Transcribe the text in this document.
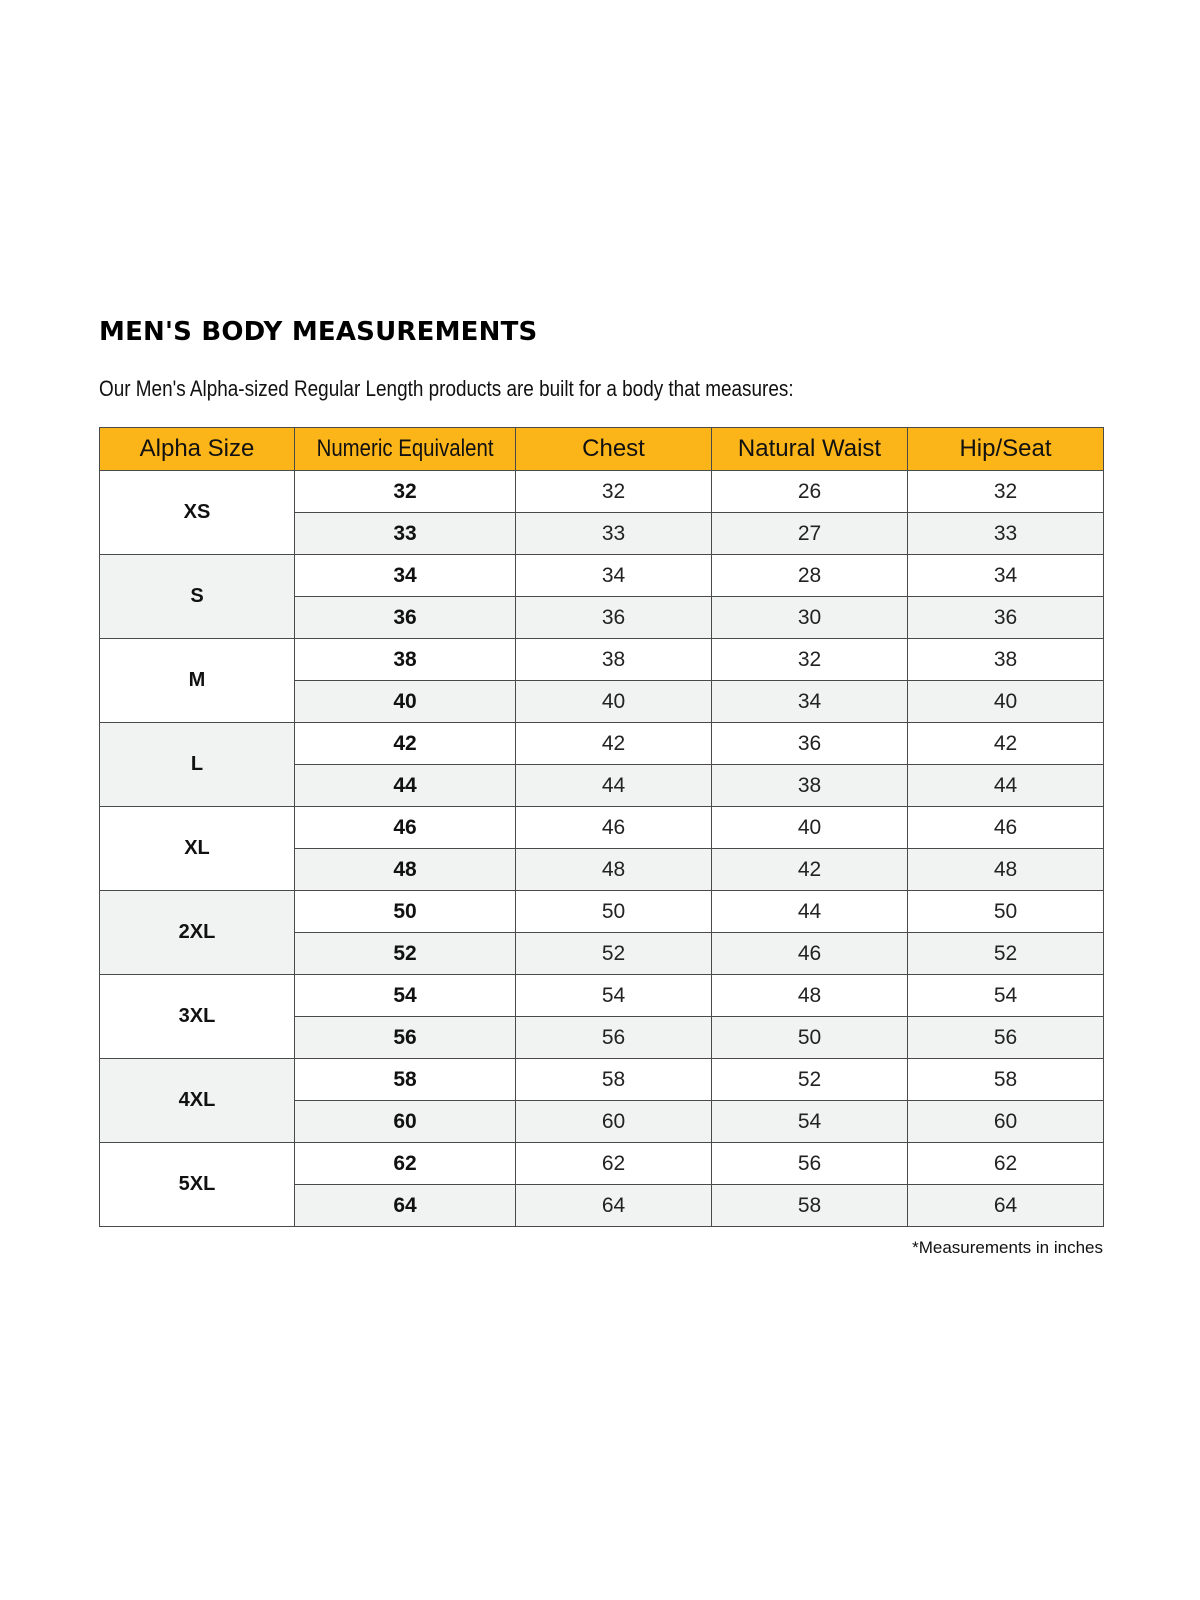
MEN'S BODY MEASUREMENTS

Our Men's Alpha-sized Regular Length products are built for a body that measures:

Alpha Size	Numeric Equivalent	Chest	Natural Waist	Hip/Seat
XS	32	32	26	32
	33	33	27	33
S	34	34	28	34
	36	36	30	36
M	38	38	32	38
	40	40	34	40
L	42	42	36	42
	44	44	38	44
XL	46	46	40	46
	48	48	42	48
2XL	50	50	44	50
	52	52	46	52
3XL	54	54	48	54
	56	56	50	56
4XL	58	58	52	58
	60	60	54	60
5XL	62	62	56	62
	64	64	58	64

*Measurements in inches
